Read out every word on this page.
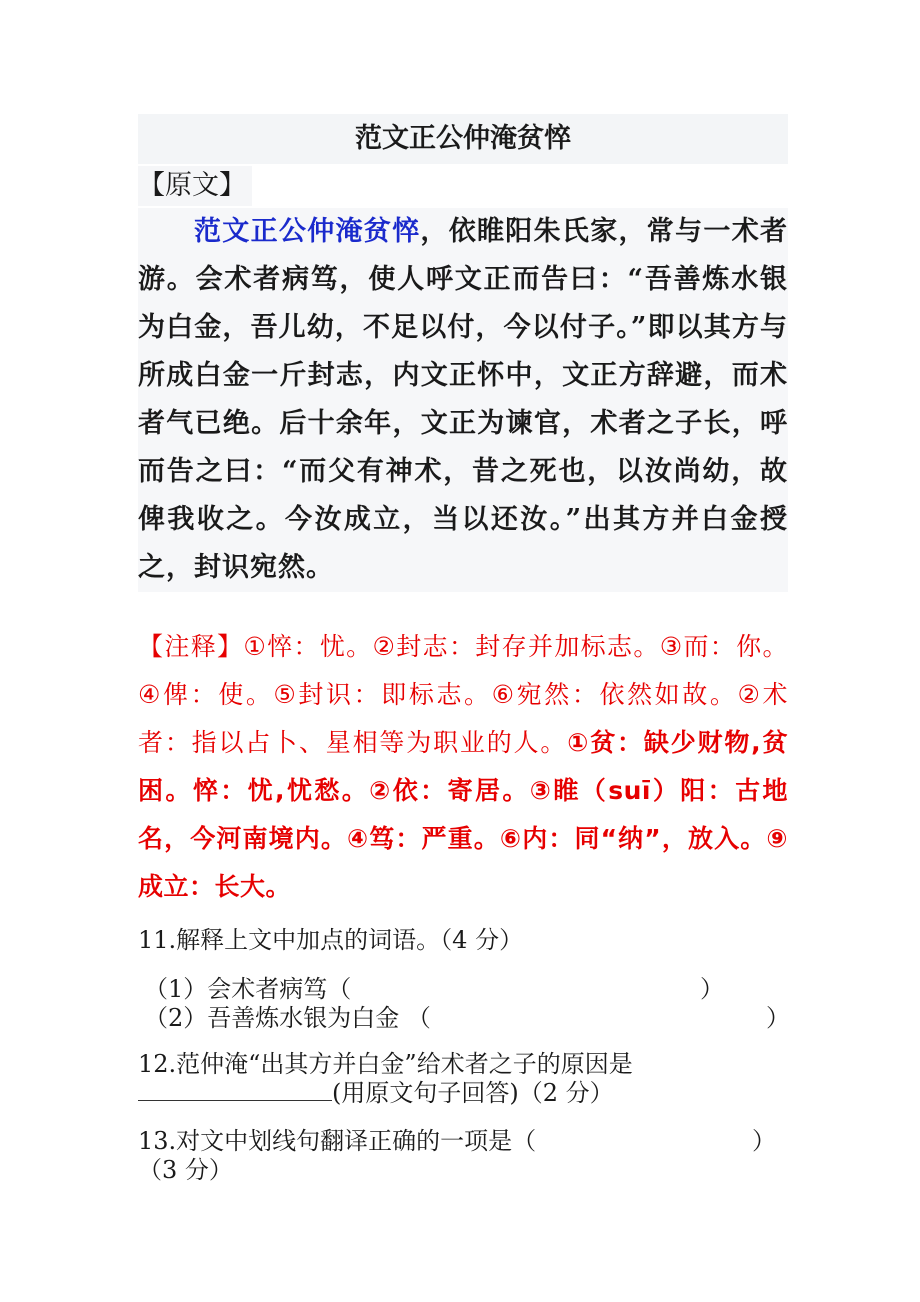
范文正公仲淹贫悴
【原文】
范文正公仲淹贫悴，依睢阳朱氏家，常与一术者游。会术者病笃，使人呼文正而告曰：“吾善炼水银为白金，吾儿幼，不足以付，今以付子。”即以其方与所成白金一斤封志，内文正怀中，文正方辞避，而术者气已绝。后十余年，文正为谏官，术者之子长，呼而告之曰：“而父有神术，昔之死也，以汝尚幼，故俾我收之。今汝成立，当以还汝。”出其方并白金授之，封识宛然。
【注释】①悴：忧。②封志：封存并加标志。③而：你。④俾：使。⑤封识：即标志。⑥宛然：依然如故。②术者：指以占卜、星相等为职业的人。①贫：缺少财物,贫困。悴：忧,忧愁。②依：寄居。③睢（suī）阳：古地名，今河南境内。④笃：严重。⑥内：同“纳”，放入。⑨成立：长大。
11.解释上文中加点的词语。（4 分）
（1）会术者病笃（	）
（2）吾善炼水银为白金 （	）
12.范仲淹“出其方并白金”给术者之子的原因是
(用原文句子回答)（2 分）
13.对文中划线句翻译正确的一项是（	）
（3 分）
